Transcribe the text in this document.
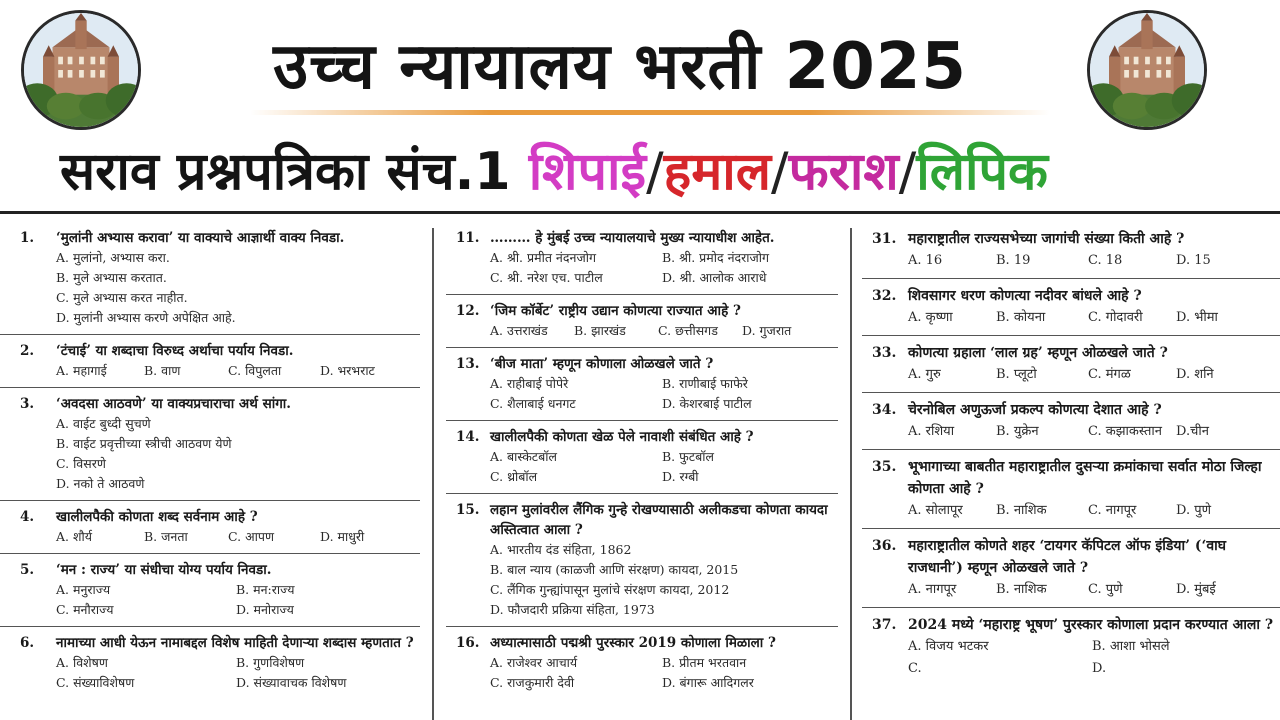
उच्च न्यायालय भरती 2025
सराव प्रश्नपत्रिका संच.1 शिपाई/हमाल/फराश/लिपिक
1.	‘मुलांनी अभ्यास करावा’ या वाक्याचे आज्ञार्थी वाक्य निवडा.
A. मुलांनो, अभ्यास करा.
B. मुले अभ्यास करतात.
C. मुले अभ्यास करत नाहीत.
D. मुलांनी अभ्यास करणे अपेक्षित आहे.
2.	‘टंचाई’ या शब्दाचा विरुध्द अर्थाचा पर्याय निवडा.
A. महागाई	B. वाण	C. विपुलता	D. भरभराट
3.	‘अवदसा आठवणे’ या वाक्यप्रचाराचा अर्थ सांगा.
A. वाईट बुध्दी सुचणे
B. वाईट प्रवृत्तीच्या स्त्रीची आठवण येणे
C. विसरणे
D. नको ते आठवणे
4.	खालीलपैकी कोणता शब्द सर्वनाम आहे ?
A. शौर्य	B. जनता	C. आपण	D. माधुरी
5.	‘मन : राज्य’ या संधीचा योग्य पर्याय निवडा.
A. मनुराज्य	B. मन:राज्य
C. मनौराज्य	D. मनोराज्य
6.	नामाच्या आधी येऊन नामाबद्दल विशेष माहिती देणाऱ्या शब्दास म्हणतात ?
A. विशेषण	B. गुणविशेषण
C. संख्याविशेषण	D. संख्यावाचक विशेषण
11. ……… हे मुंबई उच्च न्यायालयाचे मुख्य न्यायाधीश आहेत.
A. श्री. प्रमीत नंदनजोग	B. श्री. प्रमोद नंदराजोग
C. श्री. नरेश एच. पाटील	D. श्री. आलोक आराधे
12. ‘जिम कॉर्बेट’ राष्ट्रीय उद्यान कोणत्या राज्यात आहे ?
A. उत्तराखंड	B. झारखंड	C. छत्तीसगड	D. गुजरात
13. ‘बीज माता’ म्हणून कोणाला ओळखले जाते ?
A. राहीबाई पोपेरे	B. राणीबाई फाफेरे
C. शैलाबाई धनगट	D. केशरबाई पाटील
14. खालीलपैकी कोणता खेळ पेले नावाशी संबंधित आहे ?
A. बास्केटबॉल	B. फुटबॉल
C. थ्रोबॉल	D. रग्बी
15. लहान मुलांवरील लैंगिक गुन्हे रोखण्यासाठी अलीकडचा कोणता कायदा अस्तित्वात आला ?
A. भारतीय दंड संहिता, 1862
B. बाल न्याय (काळजी आणि संरक्षण) कायदा, 2015
C. लैंगिक गुन्ह्यांपासून मुलांचे संरक्षण कायदा, 2012
D. फौजदारी प्रक्रिया संहिता, 1973
16. अध्यात्मासाठी पद्मश्री पुरस्कार 2019 कोणाला मिळाला ?
A. राजेश्वर आचार्य	B. प्रीतम भरतवान
C. राजकुमारी देवी	D. बंगारू आदिगलर
31. महाराष्ट्रातील राज्यसभेच्या जागांची संख्या किती आहे ?
A. 16	B. 19	C. 18	D. 15
32. शिवसागर धरण कोणत्या नदीवर बांधले आहे ?
A. कृष्णा	B. कोयना	C. गोदावरी	D. भीमा
33. कोणत्या ग्रहाला ‘लाल ग्रह’ म्हणून ओळखले जाते ?
A. गुरु	B. प्लूटो	C. मंगळ	D. शनि
34. चेरनोबिल अणुऊर्जा प्रकल्प कोणत्या देशात आहे ?
A. रशिया	B. युक्रेन	C. कझाकस्तान	D.चीन
35. भूभागाच्या बाबतीत महाराष्ट्रातील दुसऱ्या क्रमांकाचा सर्वात मोठा जिल्हा कोणता आहे ?
A. सोलापूर	B. नाशिक	C. नागपूर	D. पुणे
36. महाराष्ट्रातील कोणते शहर ‘टायगर कॅपिटल ऑफ इंडिया’ (‘वाघ राजधानी’) म्हणून ओळखले जाते ?
A. नागपूर	B. नाशिक	C. पुणे	D. मुंबई
37. 2024 मध्ये ‘महाराष्ट्र भूषण’ पुरस्कार कोणाला प्रदान करण्यात आला ?
A. विजय भटकर	B. आशा भोसले
C.	D.
